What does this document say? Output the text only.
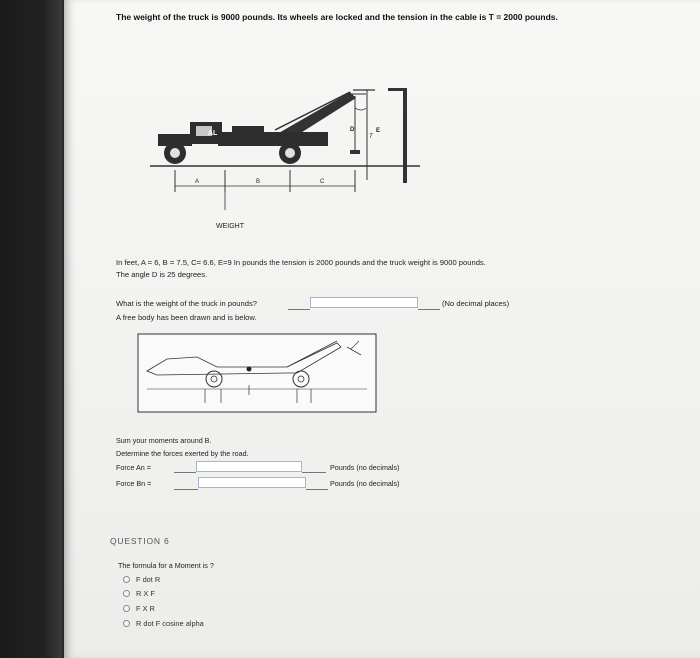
The weight of the truck is 9000 pounds. Its wheels are locked and the tension in the cable is T = 2000 pounds.
AL
A	B	C
D	E
T
WEIGHT
In feet, A = 6, B = 7.5, C= 6.6, E=9 In pounds the tension is 2000 pounds and the truck weight is 9000 pounds.
The angle D is 25 degrees.
What is the weight of the truck in pounds?	(No decimal places)
A free body has been drawn and is below.
Sum your moments around B.
Determine the forces exerted by the road.
Force An =	Pounds (no decimals)
Force Bn =	Pounds (no decimals)
QUESTION 6
The formula for a Moment is ?
F dot R
R X F
F X R
R dot F cosine alpha
